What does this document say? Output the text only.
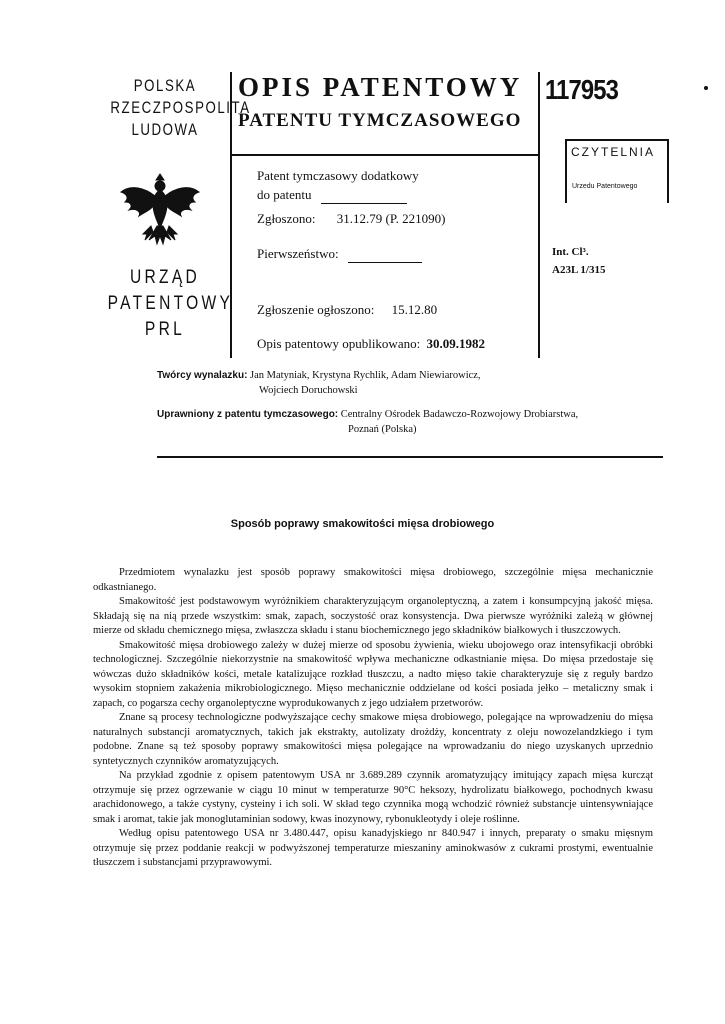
POLSKA
RZECZPOSPOLITA
LUDOWA
URZĄD
PATENTOWY
PRL
OPIS PATENTOWY
PATENTU TYMCZASOWEGO
117953
CZYTELNIA
Urzedu Patentowego
Patent tymczasowy dodatkowy
do patentu
Zgłoszono: 31.12.79 (P. 221090)
Pierwszeństwo:
Zgłoszenie ogłoszono: 15.12.80
Opis patentowy opublikowano: 30.09.1982
Int. Cl³.
A23L 1/315
Twórcy wynalazku: Jan Matyniak, Krystyna Rychlik, Adam Niewiarowicz,
Wojciech Doruchowski
Uprawniony z patentu tymczasowego: Centralny Ośrodek Badawczo-Rozwojowy Drobiarstwa,
Poznań (Polska)
Sposób poprawy smakowitości mięsa drobiowego

Przedmiotem wynalazku jest sposób poprawy smakowitości mięsa drobiowego, szczególnie mięsa mechanicznie odkastnianego.

Smakowitość jest podstawowym wyróżnikiem charakteryzującym organoleptyczną, a zatem i konsumpcyjną jakość mięsa. Składają się na nią przede wszystkim: smak, zapach, soczystość oraz konsystencja. Dwa pierwsze wyróżniki zależą w głównej mierze od składu chemicznego mięsa, zwłaszcza składu i stanu biochemicznego jego składników białkowych i tłuszczowych.

Smakowitość mięsa drobiowego zależy w dużej mierze od sposobu żywienia, wieku ubojowego oraz intensyfikacji obróbki technologicznej. Szczególnie niekorzystnie na smakowitość wpływa mechaniczne odkastnianie mięsa. Do mięsa przedostaje się wówczas dużo składników kości, metale katalizujące rozkład tłuszczu, a nadto mięso takie charakteryzuje się z reguły bardzo wysokim stopniem zakażenia mikrobiologicznego. Mięso mechanicznie oddzielane od kości posiada jełko – metaliczny smak i zapach, co pogarsza cechy organoleptyczne wyprodukowanych z jego udziałem przetworów.

Znane są procesy technologiczne podwyższające cechy smakowe mięsa drobiowego, polegające na wprowadzeniu do mięsa naturalnych substancji aromatycznych, takich jak ekstrakty, autolizaty drożdży, koncentraty z oleju nowozelandzkiego i tym podobne. Znane są też sposoby poprawy smakowitości mięsa polegające na wprowadzaniu do niego uzyskanych uprzednio syntetycznych czynników aromatyzujących.

Na przykład zgodnie z opisem patentowym USA nr 3.689.289 czynnik aromatyzujący imitujący zapach mięsa kurcząt otrzymuje się przez ogrzewanie w ciągu 10 minut w temperaturze 90°C heksozy, hydrolizatu białkowego, pochodnych kwasu arachidonowego, a także cystyny, cysteiny i ich soli. W skład tego czynnika mogą wchodzić również substancje uintensywniające smak i aromat, takie jak monoglutaminian sodowy, kwas inozynowy, rybonukleotydy i oleje roślinne.

Według opisu patentowego USA nr 3.480.447, opisu kanadyjskiego nr 840.947 i innych, preparaty o smaku mięsnym otrzymuje się przez poddanie reakcji w podwyższonej temperaturze mieszaniny aminokwasów z cukrami prostymi, ewentualnie tłuszczem i substancjami przyprawowymi.
